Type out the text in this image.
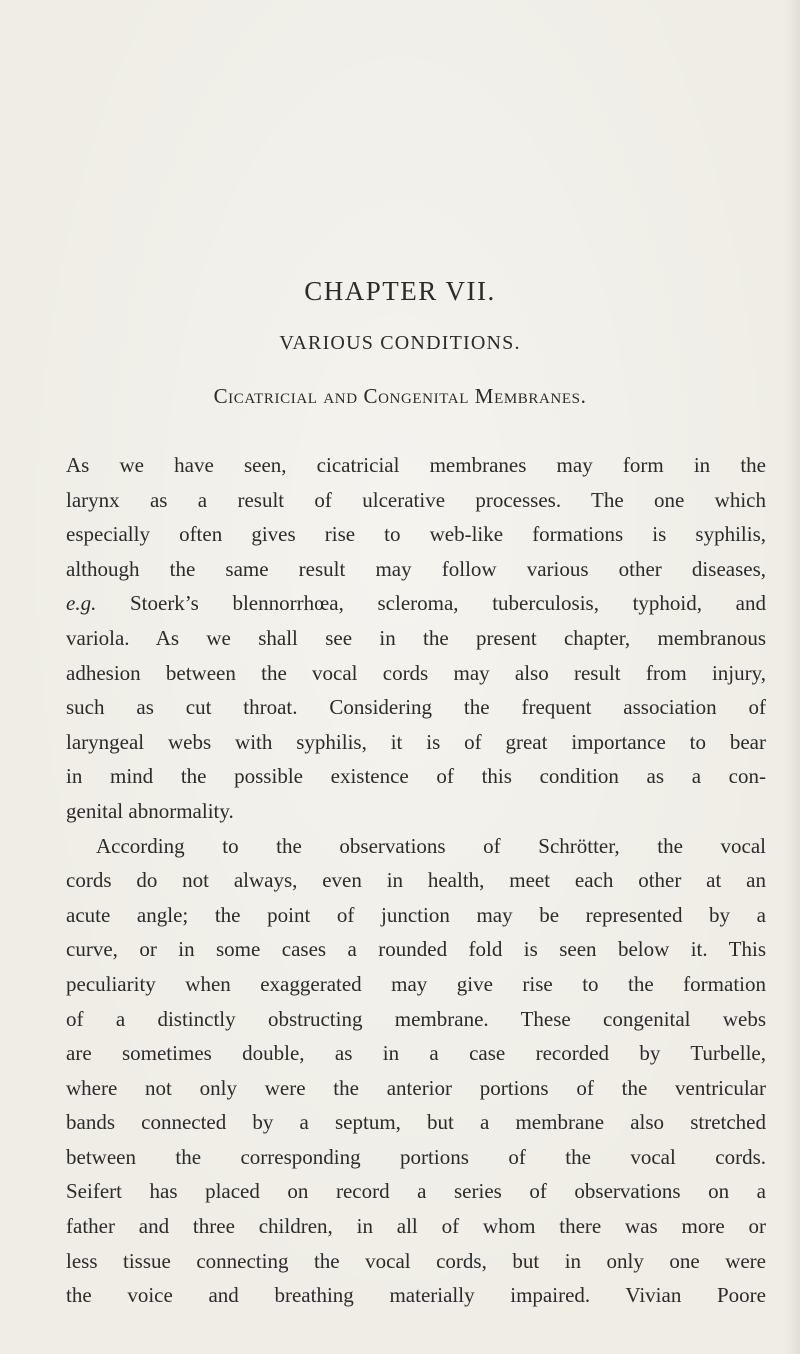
CHAPTER VII.
VARIOUS CONDITIONS.
Cicatricial and Congenital Membranes.
As we have seen, cicatricial membranes may form in the
larynx as a result of ulcerative processes. The one which
especially often gives rise to web-like formations is syphilis,
although the same result may follow various other diseases,
e.g. Stoerk’s blennorrhœa, scleroma, tuberculosis, typhoid, and
variola. As we shall see in the present chapter, membranous
adhesion between the vocal cords may also result from injury,
such as cut throat. Considering the frequent association of
laryngeal webs with syphilis, it is of great importance to bear
in mind the possible existence of this condition as a con-
genital abnormality.
According to the observations of Schrötter, the vocal
cords do not always, even in health, meet each other at an
acute angle; the point of junction may be represented by a
curve, or in some cases a rounded fold is seen below it. This
peculiarity when exaggerated may give rise to the formation
of a distinctly obstructing membrane. These congenital webs
are sometimes double, as in a case recorded by Turbelle,
where not only were the anterior portions of the ventricular
bands connected by a septum, but a membrane also stretched
between the corresponding portions of the vocal cords.
Seifert has placed on record a series of observations on a
father and three children, in all of whom there was more or
less tissue connecting the vocal cords, but in only one were
the voice and breathing materially impaired. Vivian Poore
